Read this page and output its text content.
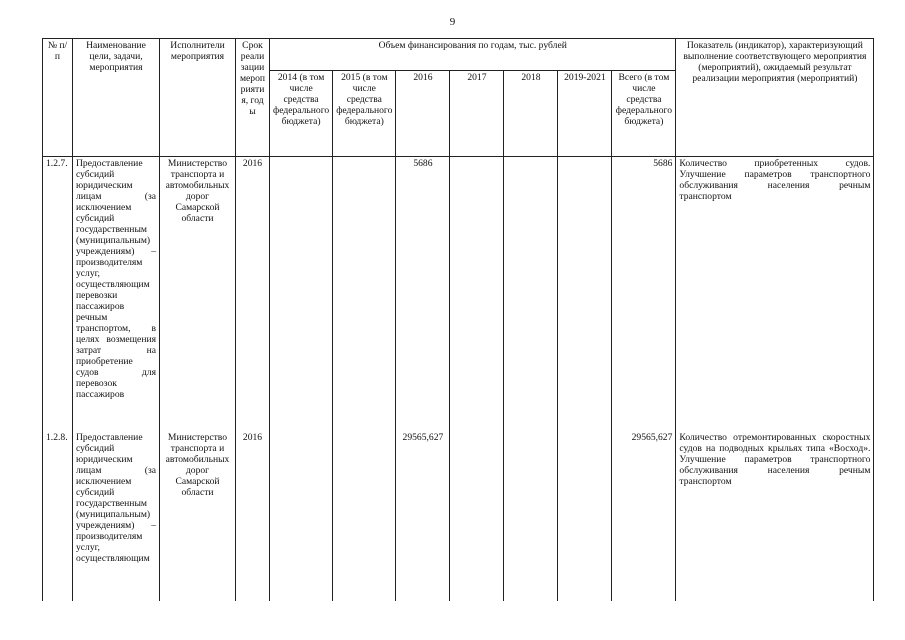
9
№ п/п	Наименование цели, задачи, мероприятия	Исполнители мероприятия	Срок реализации мероприятия, годы	Объем финансирования по годам, тыс. рублей							Показатель (индикатор), характеризующий выполнение соответствующего мероприятия (мероприятий), ожидаемый результат реализации мероприятия (мероприятий)
				2014 (в том числе средства федерального бюджета)	2015 (в том числе средства федерального бюджета)	2016	2017	2018	2019-2021	Всего (в том числе средства федерального бюджета)	
1.2.7.	Предоставление субсидий юридическим лицам (за исключением субсидий государственным (муниципальным) учреждениям) – производителям услуг, осуществляющим перевозки пассажиров речным транспортом, в целях возмещения затрат на приобретение судов для перевозок пассажиров	Министерство транспорта и автомобильных дорог Самарской области	2016			5686				5686	Количество приобретенных судов. Улучшение параметров транспортного обслуживания населения речным транспортом
1.2.8.	Предоставление субсидий юридическим лицам (за исключением субсидий государственным (муниципальным) учреждениям) – производителям услуг, осуществляющим	Министерство транспорта и автомобильных дорог Самарской области	2016			29565,627				29565,627	Количество отремонтированных скоростных судов на подводных крыльях типа «Восход». Улучшение параметров транспортного обслуживания населения речным транспортом
